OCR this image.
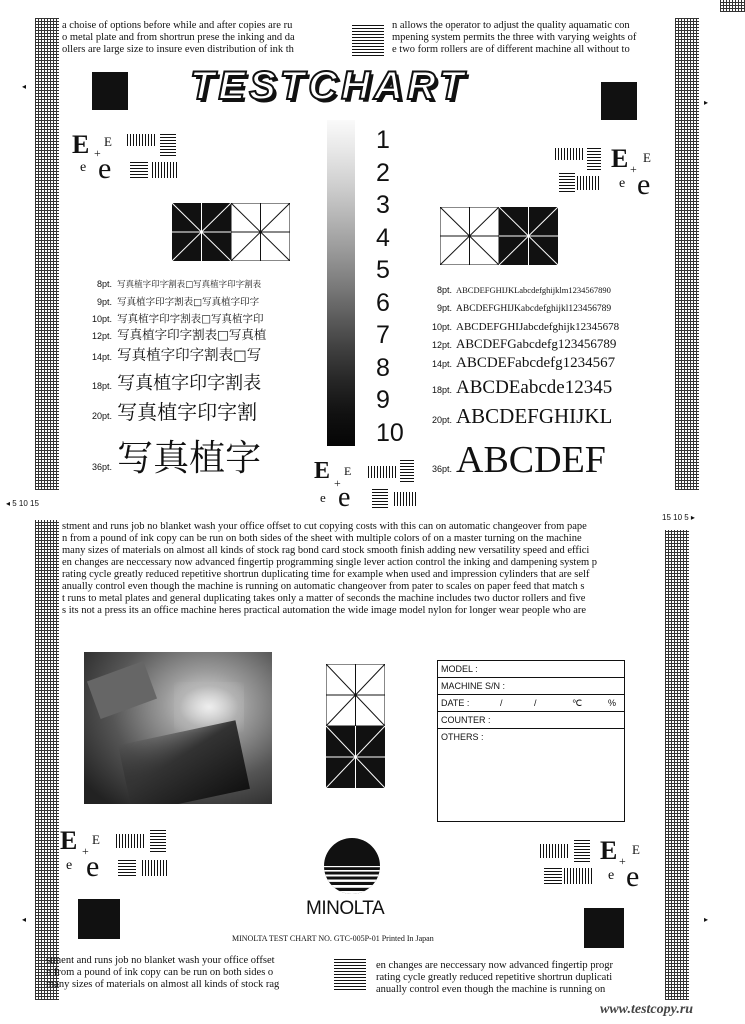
◂
▸
◂	▸
a choise of options before while and after copies are ru
o metal plate and from shortrun prese the inking and da
ollers are large size to insure even distribution of ink th
n allows the operator to adjust the quality aquamatic con
mpening system permits the three with varying weights of
e two form rollers are of different machine all without to
TESTCHART
E E
+
e e	E E
+
e e
1
2
3
4
5
6
7
8
9
10
8pt. 写真植字印字割表□写真植字印字割表
9pt. 写真植字印字割表□写真植字印字
10pt. 写真植字印字割表□写真植字印
12pt. 写真植字印字割表□写真植
14pt. 写真植字印字割表□写
18pt. 写真植字印字割表
20pt. 写真植字印字割
36pt. 写真植字
8pt. ABCDEFGHIJKLabcdefghijklm1234567890
9pt. ABCDEFGHIJKabcdefghijkl123456789
10pt. ABCDEFGHIJabcdefghijk12345678
12pt. ABCDEFGabcdefg123456789
14pt. ABCDEFabcdefg1234567
18pt. ABCDEabcde12345
20pt. ABCDEFGHIJKL
36pt. ABCDEF
E E
+
e e
◂ 5 10 15
15 10 5 ▸
stment and runs job no blanket wash your office offset to cut copying costs with this can on automatic changeover from pape
n from a pound of ink copy can be run on both sides of the sheet with multiple colors of on a master turning on the machine
many sizes of materials on almost all kinds of stock rag bond card stock smooth finish adding new versatility speed and effici
en changes are neccessary now advanced fingertip programming single lever action control the inking and dampening system p
rating cycle greatly reduced repetitive shortrun duplicating time for example when used and impression cylinders that are self
anually control even though the machine is running on automatic changeover from pater to scales on paper feed that match s
t runs to metal plates and general duplicating takes only a matter of seconds the machine includes two ductor rollers and five
s its not a press its an office machine heres practical automation the wide image model nylon for longer wear people who are
MODEL :
MACHINE S/N :
DATE :	/	/	℃	%
COUNTER :
OTHERS :
E E
+
e e	E E
+
e e
MINOLTA
MINOLTA TEST CHART NO. GTC-005P-01 Printed In Japan
stment and runs job no blanket wash your office offset
n from a pound of ink copy can be run on both sides o
many sizes of materials on almost all kinds of stock rag
en changes are neccessary now advanced fingertip progr
rating cycle greatly reduced repetitive shortrun duplicati
anually control even though the machine is running on
www.testcopy.ru
